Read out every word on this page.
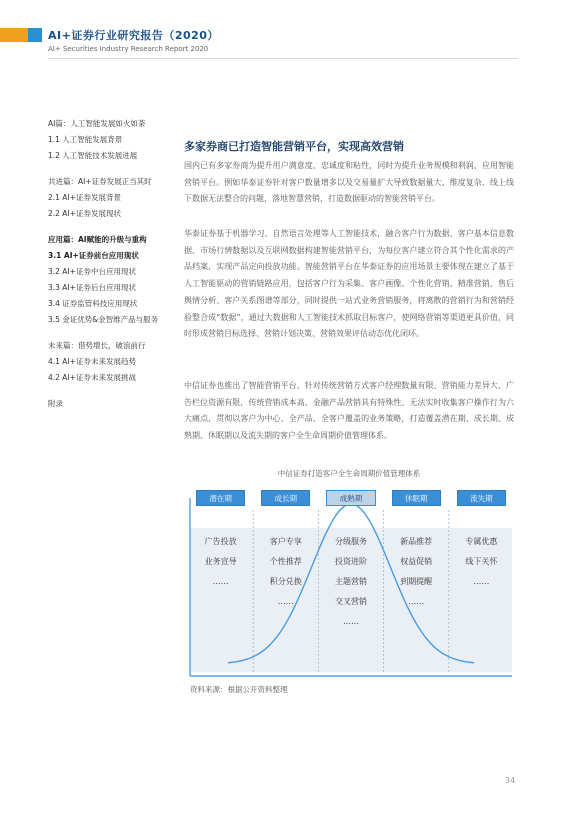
AI+证券行业研究报告（2020）
AI+ Securities Industry Research Report 2020
AI篇：人工智能发展如火如荼
1.1 人工智能发展背景
1.2 人工智能技术发展进展
共进篇：AI+证券发展正当其时
2.1 AI+证券发展背景
2.2 AI+证券发展现状
应用篇：AI赋能的升级与重构
3.1 AI+证券前台应用现状
3.2 AI+证券中台应用现状
3.3 AI+证券后台应用现状
3.4 证券监管科技应用现状
3.5 金证优势&金智维产品与服务
未来篇：借势增长，破浪前行
4.1 AI+证券未来发展趋势
4.2 AI+证券未来发展挑战
附录
多家券商已打造智能营销平台，实现高效营销
国内已有多家券商为提升用户满意度、忠诚度和粘性，同时为提升业务规模和利润，应用智能营销平台。例如华泰证券针对客户数量增多以及交易量扩大导致数据量大、维度复杂、线上线下数据无法整合的问题，落地智慧营销，打造数据驱动的智能营销平台。
华泰证券基于机器学习、自然语言处理等人工智能技术，融合客户行为数据、客户基本信息数据、市场行情数据以及互联网数据构建智能营销平台，为每位客户建立符合其个性化需求的产品档案，实现产品定向投放功能。智能营销平台在华泰证券的应用场景主要体现在建立了基于人工智能驱动的营销链路应用，包括客户行为采集、客户画像、个性化营销、精准营销、售后舆情分析、客户关系图谱等部分，同时提供一站式业务营销服务，将离散的营销行为和营销经验整合成“数据”，通过大数据和人工智能技术抓取目标客户，使网络营销等渠道更具价值，同时形成营销目标选择、营销计划决策、营销效果评估动态优化闭环。
中信证券也推出了智能营销平台，针对传统营销方式客户经理数量有限、营销能力差异大、广告栏位资源有限，传统营销成本高、金融产品营销具有特殊性、无法实时收集客户操作行为六大痛点，贯彻以客户为中心、全产品、全客户覆盖的业务策略，打造覆盖潜在期、成长期、成熟期、休眠期以及流失期的客户全生命周期价值管理体系。
中信证券打造客户全生命周期价值管理体系
潜在期
广告投放
业务宣导
……
成长期
客户专享
个性推荐
积分兑换
……
成熟期
分级服务
投资进阶
主题营销
交叉营销
……
休眠期
新品推荐
权益促销
到期提醒
……
流失期
专属优惠
线下关怀
……
资料来源：根据公开资料整理
34
